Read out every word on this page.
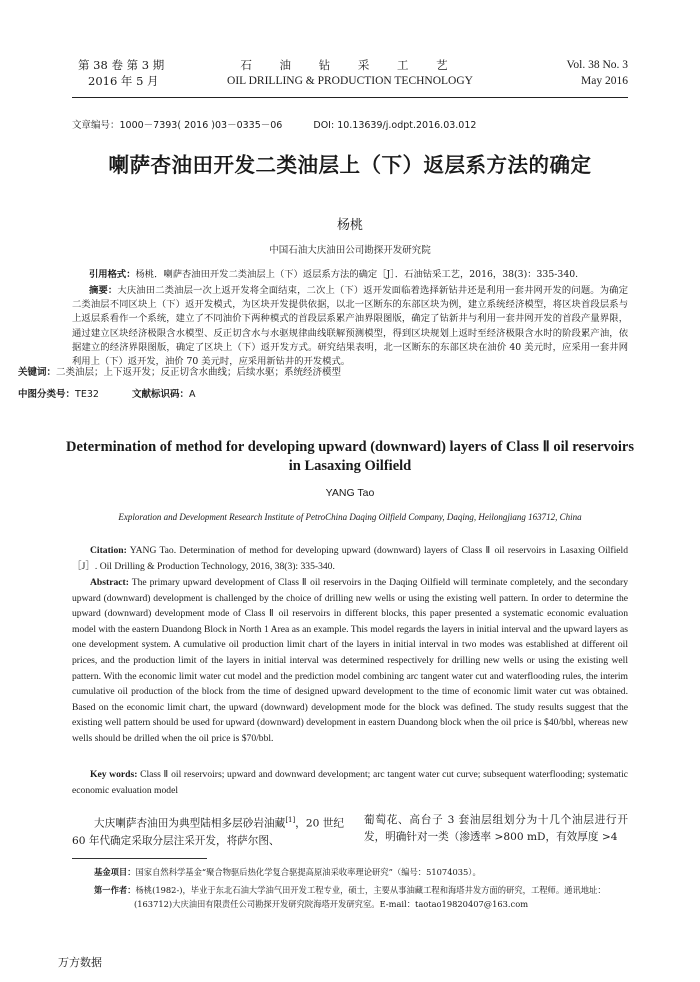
第 38 卷 第 3 期
2016 年 5 月
石 油 钻 采 工 艺
OIL DRILLING & PRODUCTION TECHNOLOGY
Vol. 38 No. 3
May 2016
文章编号：1000－7393( 2016 )03－0335－06	DOI: 10.13639/j.odpt.2016.03.012
喇萨杏油田开发二类油层上（下）返层系方法的确定
杨桃
中国石油大庆油田公司勘探开发研究院
引用格式：杨桃．喇萨杏油田开发二类油层上（下）返层系方法的确定［J］．石油钻采工艺，2016，38(3)：335-340.
摘要：大庆油田二类油层一次上返开发将全面结束，二次上（下）返开发面临着选择新钻井还是利用一套井网开发的问题。为确定二类油层不同区块上（下）返开发模式，为区块开发提供依据，以北一区断东的东部区块为例，建立系统经济模型，将区块首段层系与上返层系看作一个系统，建立了不同油价下两种模式的首段层系累产油界限图版，确定了钻新井与利用一套井网开发的首段产量界限，通过建立区块经济极限含水模型、反正切含水与水驱规律曲线联解预测模型，得到区块规划上返时至经济极限含水时的阶段累产油，依据建立的经济界限图版，确定了区块上（下）返开发方式。研究结果表明，北一区断东的东部区块在油价 40 美元时，应采用一套井网利用上（下）返开发，油价 70 美元时，应采用新钻井的开发模式。
关键词：二类油层；上下返开发；反正切含水曲线；后续水驱；系统经济模型
中图分类号：TE32	文献标识码：A
Determination of method for developing upward (downward) layers of Class Ⅱ oil reservoirs in Lasaxing Oilfield
YANG Tao
Exploration and Development Research Institute of PetroChina Daqing Oilfield Company, Daqing, Heilongjiang 163712, China
Citation: YANG Tao. Determination of method for developing upward (downward) layers of Class Ⅱ oil reservoirs in Lasaxing Oilfield［J］. Oil Drilling & Production Technology, 2016, 38(3): 335-340.
Abstract: The primary upward development of Class Ⅱ oil reservoirs in the Daqing Oilfield will terminate completely, and the secondary upward (downward) development is challenged by the choice of drilling new wells or using the existing well pattern. In order to determine the upward (downward) development mode of Class Ⅱ oil reservoirs in different blocks, this paper presented a systematic economic evaluation model with the eastern Duandong Block in North 1 Area as an example. This model regards the layers in initial interval and the upward layers as one development system. A cumulative oil production limit chart of the layers in initial interval in two modes was established at different oil prices, and the production limit of the layers in initial interval was determined respectively for drilling new wells or using the existing well pattern. With the economic limit water cut model and the prediction model combining arc tangent water cut and waterflooding rules, the interim cumulative oil production of the block from the time of designed upward development to the time of economic limit water cut was obtained. Based on the economic limit chart, the upward (downward) development mode for the block was defined. The study results suggest that the existing well pattern should be used for upward (downward) development in eastern Duandong block when the oil price is $40/bbl, whereas new wells should be drilled when the oil price is $70/bbl.
Key words: Class Ⅱ oil reservoirs; upward and downward development; arc tangent water cut curve; subsequent waterflooding; systematic economic evaluation model
大庆喇萨杏油田为典型陆相多层砂岩油藏[1]，20 世纪 60 年代确定采取分层注采开发，将萨尔图、
葡萄花、高台子 3 套油层组划分为十几个油层进行开发，明确针对一类（渗透率 >800 mD，有效厚度 >4
基金项目：国家自然科学基金“聚合物驱后热化学复合驱提高原油采收率理论研究”（编号：51074035）。
第一作者：杨桃(1982-)，毕业于东北石油大学油气田开发工程专业，硕士，主要从事油藏工程和海塔井发方面的研究，工程师。通讯地址：
(163712)大庆油田有限责任公司勘探开发研究院海塔开发研究室。E-mail：taotao19820407@163.com
万方数据
